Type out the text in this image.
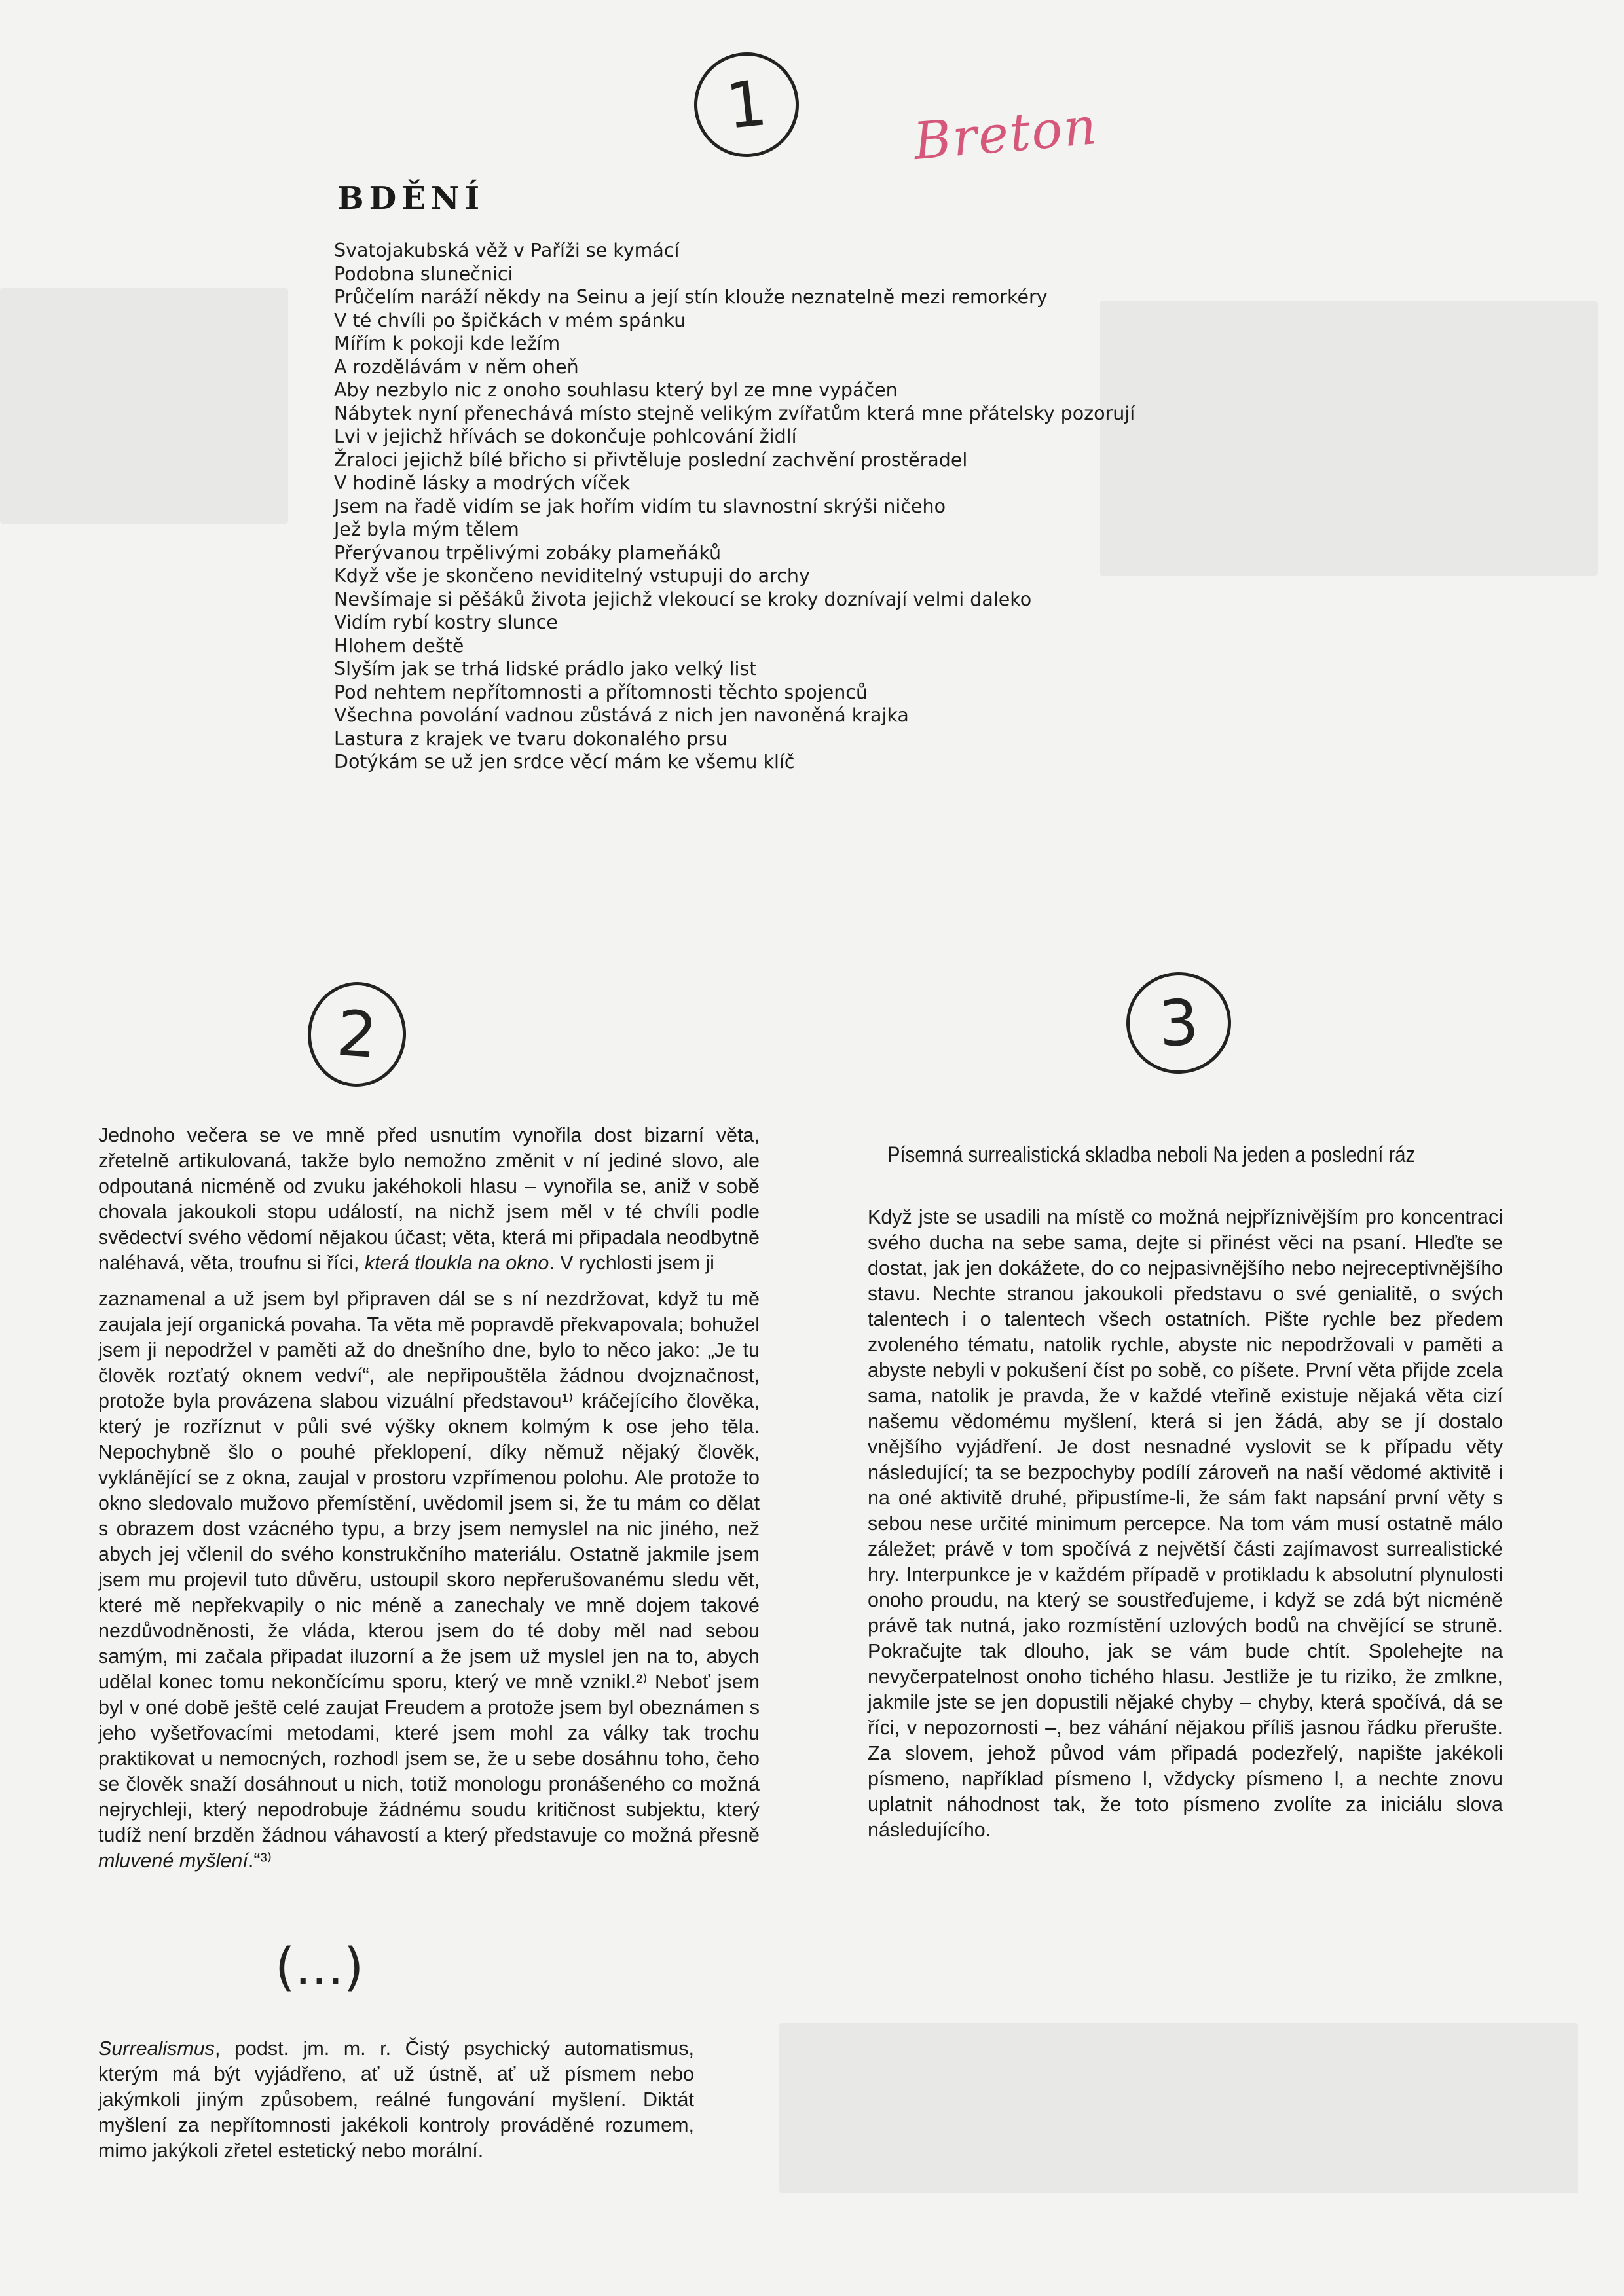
1	Breton
BDĚNÍ
Svatojakubská věž v Paříži se kymácí
Podobna slunečnici
Průčelím naráží někdy na Seinu a její stín klouže neznatelně mezi remorkéry
V té chvíli po špičkách v mém spánku
Mířím k pokoji kde ležím
A rozdělávám v něm oheň
Aby nezbylo nic z onoho souhlasu který byl ze mne vypáčen
Nábytek nyní přenechává místo stejně velikým zvířatům která mne přátelsky pozorují
Lvi v jejichž hřívách se dokončuje pohlcování židlí
Žraloci jejichž bílé břicho si přivtěluje poslední zachvění prostěradel
V hodině lásky a modrých víček
Jsem na řadě vidím se jak hořím vidím tu slavnostní skrýši ničeho
Jež byla mým tělem
Přerývanou trpělivými zobáky plameňáků
Když vše je skončeno neviditelný vstupuji do archy
Nevšímaje si pěšáků života jejichž vlekoucí se kroky doznívají velmi daleko
Vidím rybí kostry slunce
Hlohem deště
Slyším jak se trhá lidské prádlo jako velký list
Pod nehtem nepřítomnosti a přítomnosti těchto spojenců
Všechna povolání vadnou zůstává z nich jen navoněná krajka
Lastura z krajek ve tvaru dokonalého prsu
Dotýkám se už jen srdce věcí mám ke všemu klíč
2	3

Jednoho večera se ve mně před usnutím vynořila dost bizarní věta, zřetelně artikulovaná, takže bylo nemožno změnit v ní jediné slovo, ale odpoutaná nicméně od zvuku jakéhokoli hlasu – vynořila se, aniž v sobě chovala jakoukoli stopu událostí, na nichž jsem měl v té chvíli podle svědectví svého vědomí nějakou účast; věta, která mi připadala neodbytně naléhavá, věta, troufnu si říci, která tloukla na okno. V rychlosti jsem ji

zaznamenal a už jsem byl připraven dál se s ní nezdržovat, když tu mě zaujala její organická povaha. Ta věta mě popravdě překvapovala; bohužel jsem ji nepodržel v paměti až do dnešního dne, bylo to něco jako: „Je tu člověk rozťatý oknem vedví“, ale nepřipouštěla žádnou dvojznačnost, protože byla provázena slabou vizuální představou¹⁾ kráčejícího člověka, který je rozříznut v půli své výšky oknem kolmým k ose jeho těla. Nepochybně šlo o pouhé překlopení, díky němuž nějaký člověk, vyklánějící se z okna, zaujal v prostoru vzpřímenou polohu. Ale protože to okno sledovalo mužovo přemístění, uvědomil jsem si, že tu mám co dělat s obrazem dost vzácného typu, a brzy jsem nemyslel na nic jiného, než abych jej včlenil do svého konstrukčního materiálu. Ostatně jakmile jsem jsem mu projevil tuto důvěru, ustoupil skoro nepřerušovanému sledu vět, které mě nepřekvapily o nic méně a zanechaly ve mně dojem takové nezdůvodněnosti, že vláda, kterou jsem do té doby měl nad sebou samým, mi začala připadat iluzorní a že jsem už myslel jen na to, abych udělal konec tomu nekončícímu sporu, který ve mně vznikl.²⁾ Neboť jsem byl v oné době ještě celé zaujat Freudem a protože jsem byl obeznámen s jeho vyšetřovacími metodami, které jsem mohl za války tak trochu praktikovat u nemocných, rozhodl jsem se, že u sebe dosáhnu toho, čeho se člověk snaží dosáhnout u nich, totiž monologu pronášeného co možná nejrychleji, který nepodrobuje žádnému soudu kritičnost subjektu, který tudíž není brzděn žádnou váhavostí a který představuje co možná přesně mluvené myšlení.“³⁾

(...)
Písemná surrealistická skladba neboli Na jeden a poslední ráz

Když jste se usadili na místě co možná nejpříznivějším pro koncentraci svého ducha na sebe sama, dejte si přinést věci na psaní. Hleďte se dostat, jak jen dokážete, do co nejpasivnějšího nebo nejreceptivnějšího stavu. Nechte stranou jakoukoli představu o své genialitě, o svých talentech i o talentech všech ostatních. Pište rychle bez předem zvoleného tématu, natolik rychle, abyste nic nepodržovali v paměti a abyste nebyli v pokušení číst po sobě, co píšete. První věta přijde zcela sama, natolik je pravda, že v každé vteřině existuje nějaká věta cizí našemu vědomému myšlení, která si jen žádá, aby se jí dostalo vnějšího vyjádření. Je dost nesnadné vyslovit se k případu věty následující; ta se bezpochyby podílí zároveň na naší vědomé aktivitě i na oné aktivitě druhé, připustíme-li, že sám fakt napsání první věty s sebou nese určité minimum percepce. Na tom vám musí ostatně málo záležet; právě v tom spočívá z největší části zajímavost surrealistické hry. Interpunkce je v každém případě v protikladu k absolutní plynulosti onoho proudu, na který se soustřeďujeme, i když se zdá být nicméně právě tak nutná, jako rozmístění uzlových bodů na chvějící se struně. Pokračujte tak dlouho, jak se vám bude chtít. Spolehejte na nevyčerpatelnost onoho tichého hlasu. Jestliže je tu riziko, že zmlkne, jakmile jste se jen dopustili nějaké chyby – chyby, která spočívá, dá se říci, v nepozornosti –, bez váhání nějakou příliš jasnou řádku přerušte. Za slovem, jehož původ vám připadá podezřelý, napište jakékoli písmeno, například písmeno l, vždycky písmeno l, a nechte znovu uplatnit náhodnost tak, že toto písmeno zvolíte za iniciálu slova následujícího.

Surrealismus, podst. jm. m. r. Čistý psychický automatismus, kterým má být vyjádřeno, ať už ústně, ať už písmem nebo jakýmkoli jiným způsobem, reálné fungování myšlení. Diktát myšlení za nepřítomnosti jakékoli kontroly prováděné rozumem, mimo jakýkoli zřetel estetický nebo morální.
